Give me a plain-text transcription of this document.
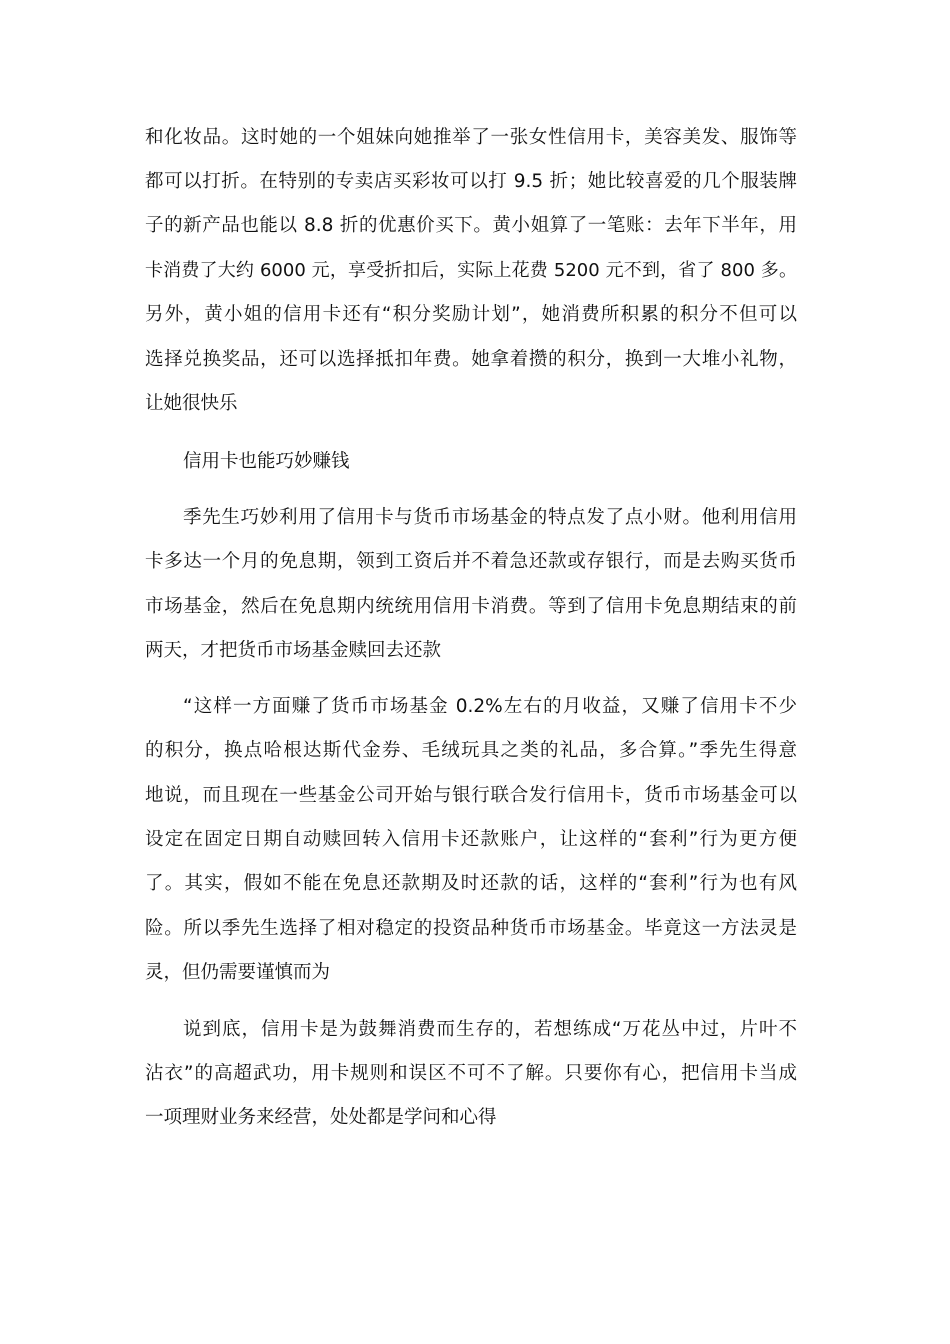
和化妆品。这时她的一个姐妹向她推举了一张女性信用卡，美容美发、服饰等

都可以打折。在特别的专卖店买彩妆可以打 9.5 折；她比较喜爱的几个服装牌

子的新产品也能以 8.8 折的优惠价买下。黄小姐算了一笔账：去年下半年，用

卡消费了大约 6000 元，享受折扣后，实际上花费 5200 元不到，省了 800 多。

另外，黄小姐的信用卡还有“积分奖励计划”，她消费所积累的积分不但可以

选择兑换奖品，还可以选择抵扣年费。她拿着攒的积分，换到一大堆小礼物，

让她很快乐

信用卡也能巧妙赚钱

季先生巧妙利用了信用卡与货币市场基金的特点发了点小财。他利用信用

卡多达一个月的免息期，领到工资后并不着急还款或存银行，而是去购买货币

市场基金，然后在免息期内统统用信用卡消费。等到了信用卡免息期结束的前

两天，才把货币市场基金赎回去还款

“这样一方面赚了货币市场基金 0.2%左右的月收益，又赚了信用卡不少

的积分，换点哈根达斯代金券、毛绒玩具之类的礼品，多合算。”季先生得意

地说，而且现在一些基金公司开始与银行联合发行信用卡，货币市场基金可以

设定在固定日期自动赎回转入信用卡还款账户，让这样的“套利”行为更方便

了。其实，假如不能在免息还款期及时还款的话，这样的“套利”行为也有风

险。所以季先生选择了相对稳定的投资品种货币市场基金。毕竟这一方法灵是

灵，但仍需要谨慎而为

说到底，信用卡是为鼓舞消费而生存的，若想练成“万花丛中过，片叶不

沾衣”的高超武功，用卡规则和误区不可不了解。只要你有心，把信用卡当成

一项理财业务来经营，处处都是学问和心得
